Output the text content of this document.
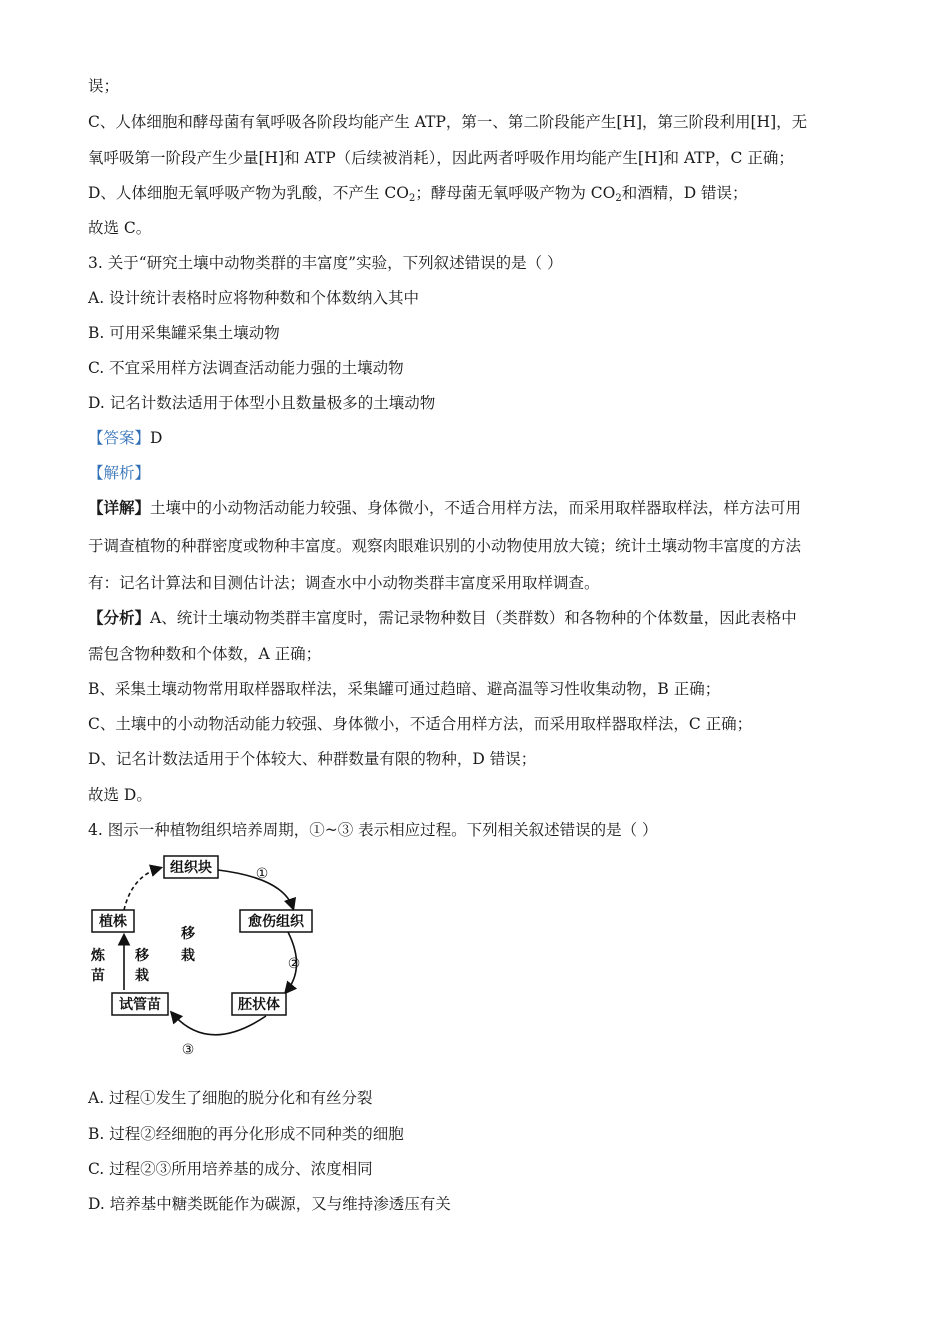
误；
C、人体细胞和酵母菌有氧呼吸各阶段均能产生 ATP，第一、第二阶段能产生[H]，第三阶段利用[H]，无
氧呼吸第一阶段产生少量[H]和 ATP（后续被消耗），因此两者呼吸作用均能产生[H]和 ATP，C 正确；
D、人体细胞无氧呼吸产物为乳酸，不产生 $CO_2$；酵母菌无氧呼吸产物为 $CO_2$和酒精，D 错误；
故选 C。
3. 关于“研究土壤中动物类群的丰富度”实验，下列叙述错误的是（ ）
A. 设计统计表格时应将物种数和个体数纳入其中
B. 可用采集罐采集土壤动物
C. 不宜采用样方法调查活动能力强的土壤动物
D. 记名计数法适用于体型小且数量极多的土壤动物
【答案】D
【解析】
【详解】土壤中的小动物活动能力较强、身体微小，不适合用样方法，而采用取样器取样法，样方法可用
于调查植物的种群密度或物种丰富度。观察肉眼难识别的小动物使用放大镜；统计土壤动物丰富度的方法
有：记名计算法和目测估计法；调查水中小动物类群丰富度采用取样调查。
【分析】A、统计土壤动物类群丰富度时，需记录物种数目（类群数）和各物种的个体数量，因此表格中
需包含物种数和个体数，A 正确；
B、采集土壤动物常用取样器取样法，采集罐可通过趋暗、避高温等习性收集动物，B 正确；
C、土壤中的小动物活动能力较强、身体微小，不适合用样方法，而采用取样器取样法，C 正确；
D、记名计数法适用于个体较大、种群数量有限的物种，D 错误；
故选 D。
4. 图示一种植物组织培养周期，①~③ 表示相应过程。下列相关叙述错误的是（ ）
组织块
愈伤组织
胚状体
试管苗
植株
移
栽
炼
苗
移
栽
①
②
③
A. 过程①发生了细胞的脱分化和有丝分裂
B. 过程②经细胞的再分化形成不同种类的细胞
C. 过程②③所用培养基的成分、浓度相同
D. 培养基中糖类既能作为碳源，又与维持渗透压有关
